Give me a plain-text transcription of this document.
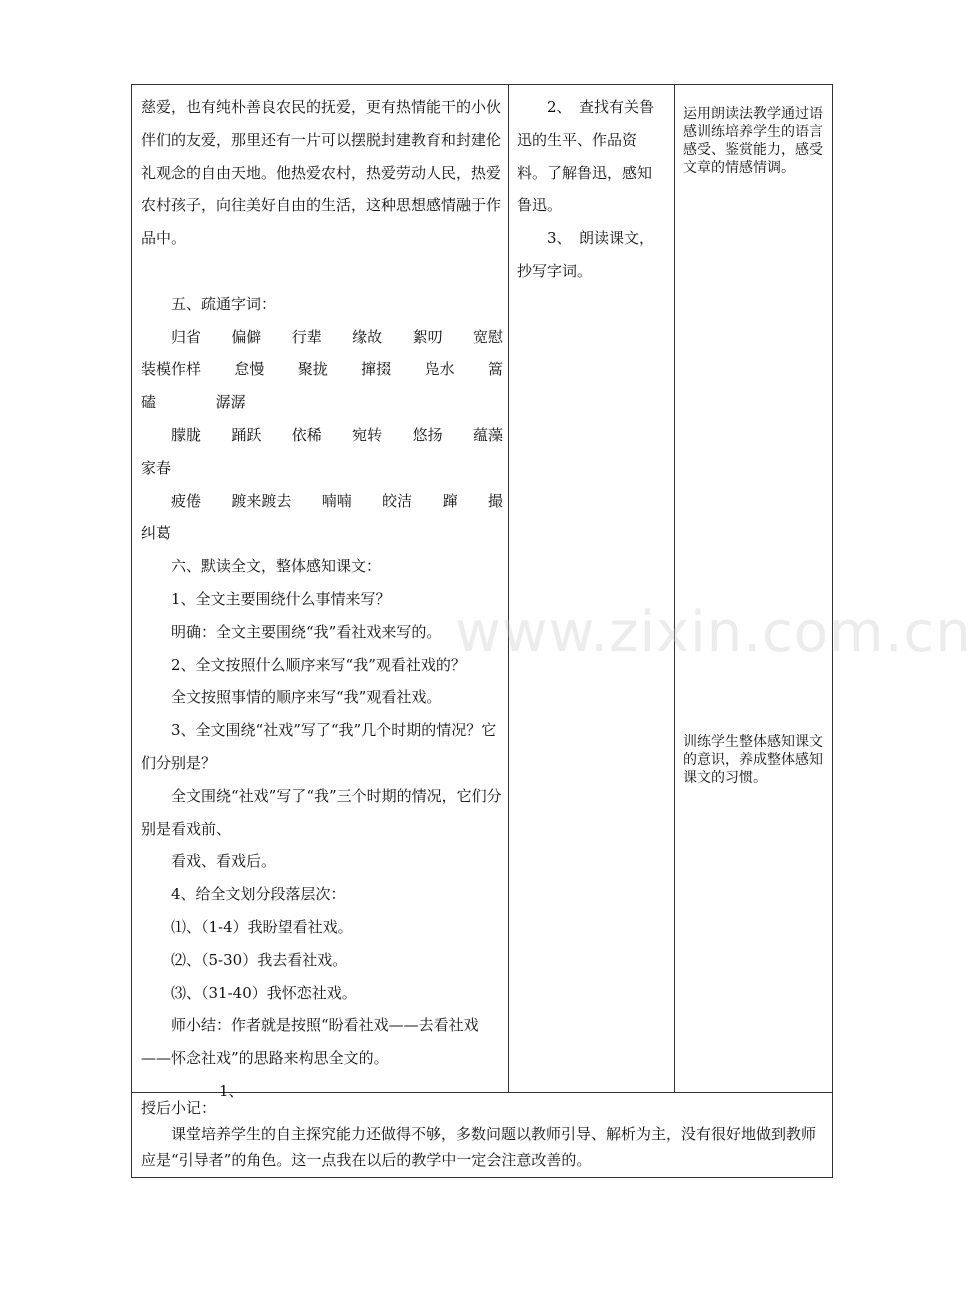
慈爱，也有纯朴善良农民的抚爱，更有热情能干的小伙伴们的友爱，那里还有一片可以摆脱封建教育和封建伦礼观念的自由天地。他热爱农村，热爱劳动人民，热爱农村孩子，向往美好自由的生活，这种思想感情融于作品中。

五、疏通字词：

归省 偏僻 行辈 缘故 絮叨 宽慰
装模作样 怠慢 聚拢 撺掇 凫水 篙
磕	潺潺
朦胧 踊跃 依稀 宛转 悠扬 蕴藻

家春

疲倦 踱来踱去 喃喃 皎洁 蹿 撮

纠葛

六、默读全文，整体感知课文：

1、全文主要围绕什么事情来写？

明确：全文主要围绕“我”看社戏来写的。

2、全文按照什么顺序来写“我”观看社戏的？

全文按照事情的顺序来写“我”观看社戏。

3、全文围绕“社戏”写了“我”几个时期的情况？它们分别是？

全文围绕“社戏”写了“我”三个时期的情况，它们分别是看戏前、

看戏、看戏后。

4、给全文划分段落层次：

⑴、（1-4）我盼望看社戏。

⑵、（5-30）我去看社戏。

⑶、（31-40）我怀恋社戏。

师小结：作者就是按照“盼看社戏——去看社戏——怀念社戏”的思路来构思全文的。

1、

2、　查找有关鲁迅的生平、作品资料。了解鲁迅，感知鲁迅。

3、　朗读课文，抄写字词。

运用朗读法教学通过语感训练培养学生的语言感受、鉴赏能力，感受文章的情感情调。
训练学生整体感知课文的意识，养成整体感知课文的习惯。

授后小记：

课堂培养学生的自主探究能力还做得不够，多数问题以教师引导、解析为主，没有很好地做到教师应是“引导者”的角色。这一点我在以后的教学中一定会注意改善的。

www.zixin.com.cn
